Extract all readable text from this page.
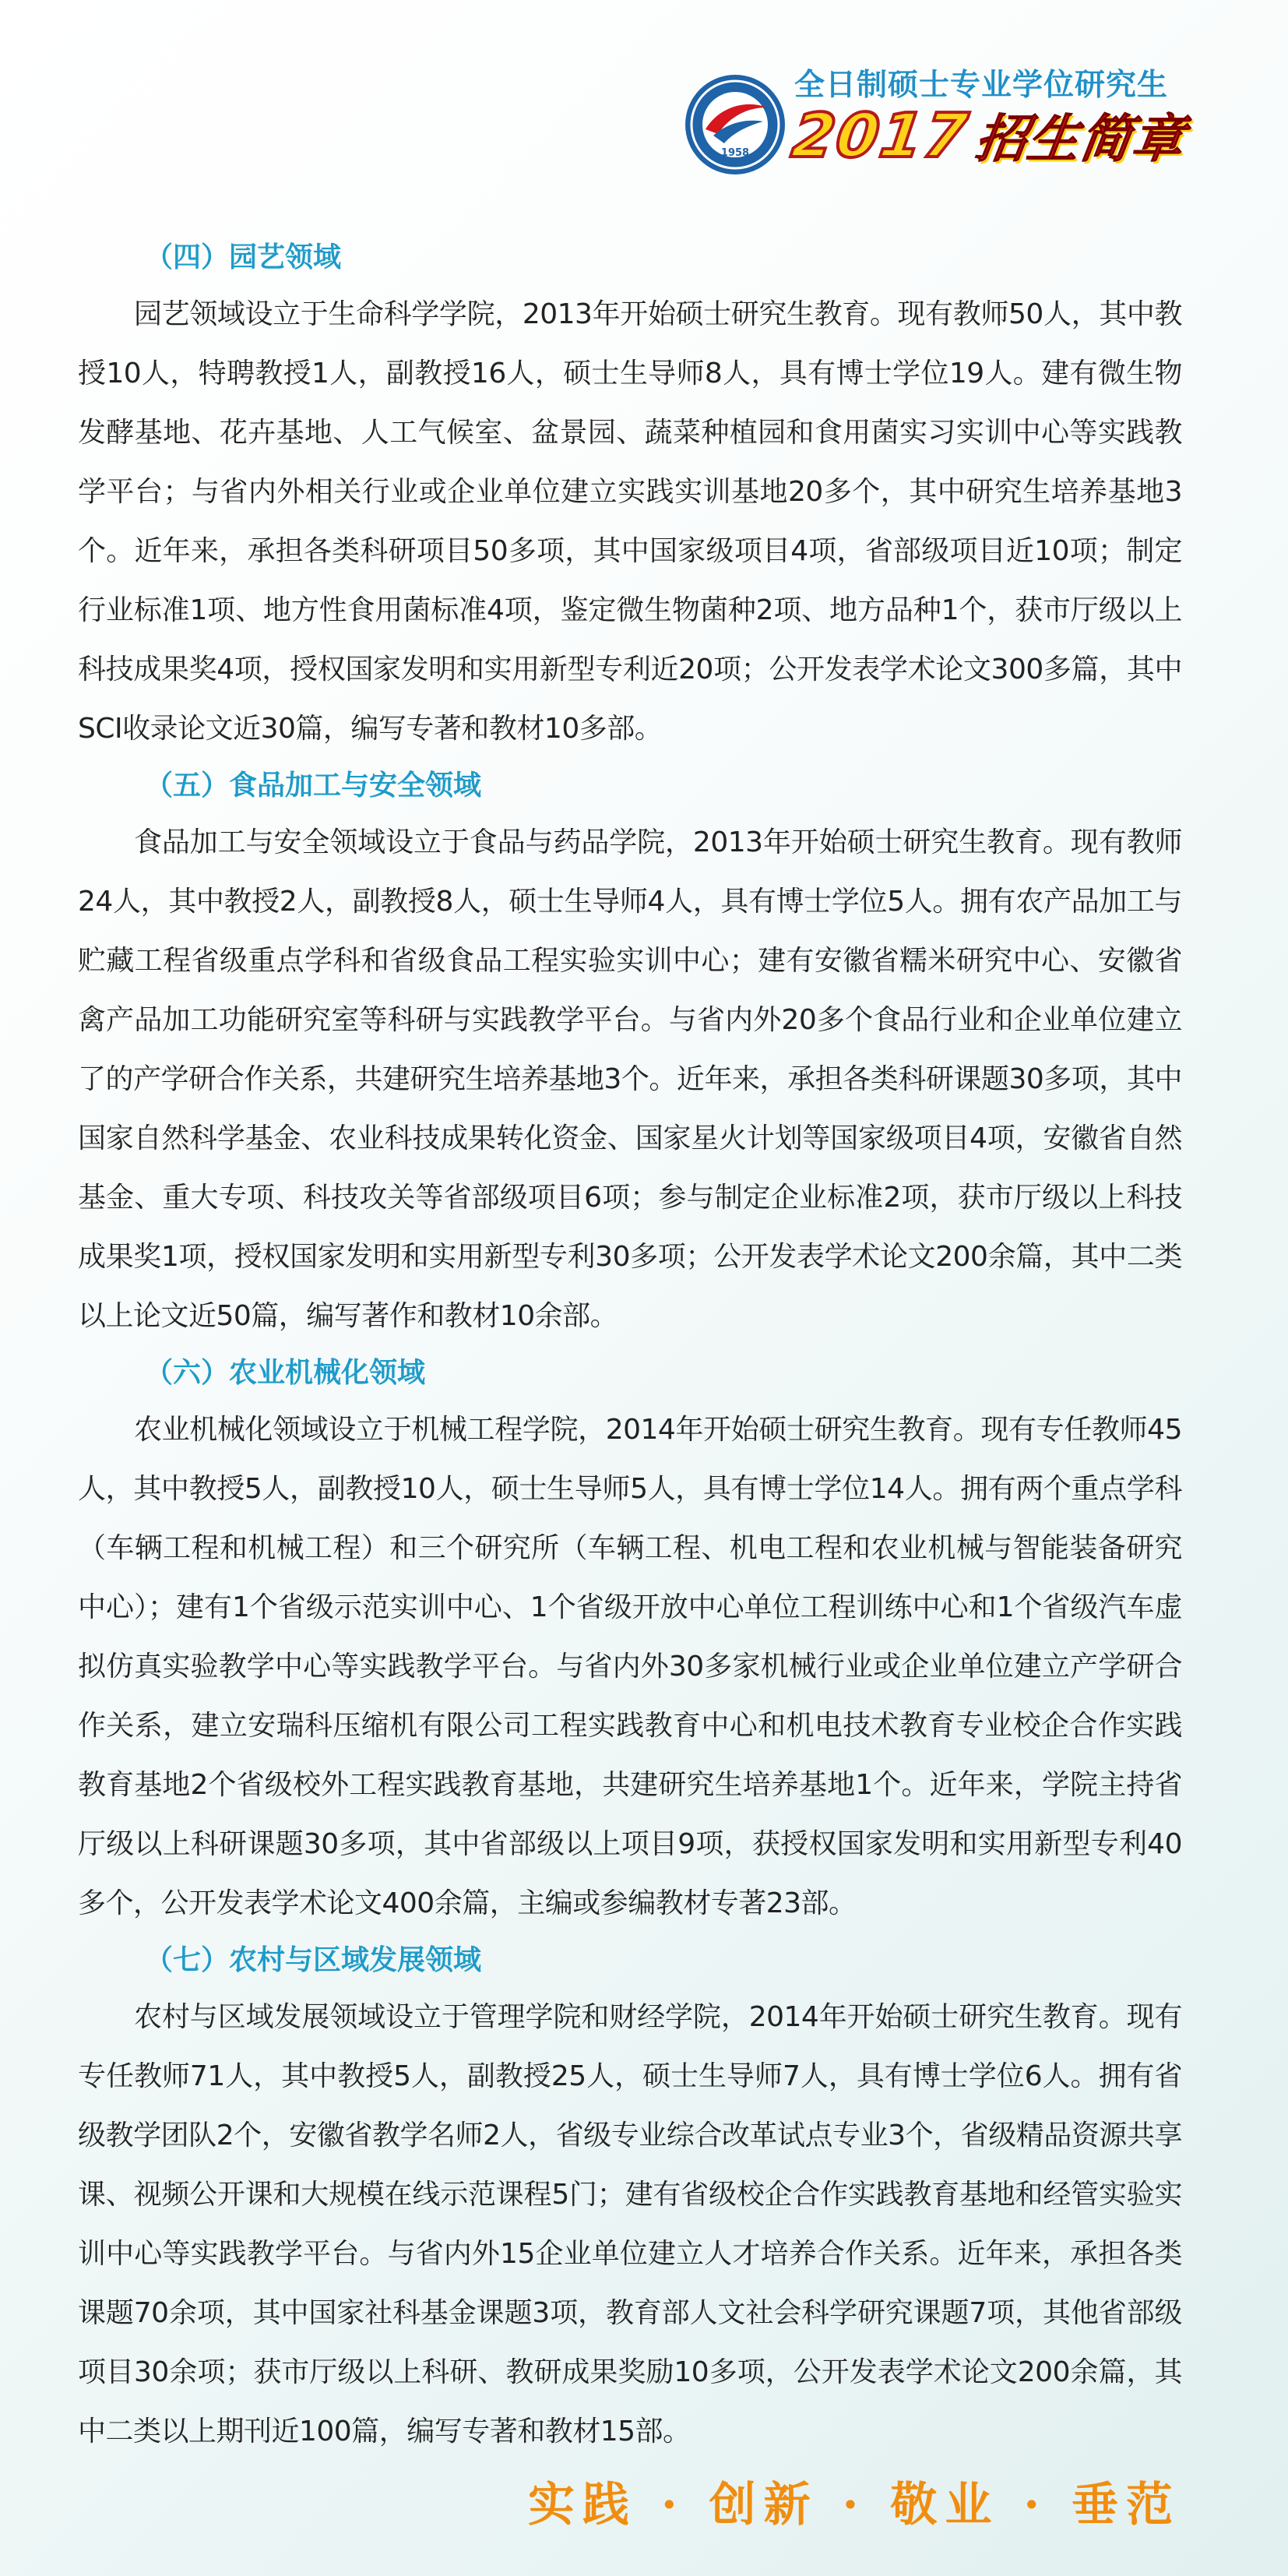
1958
全日制硕士专业学位研究生
2017招生简章
（四）园艺领域

园艺领域设立于生命科学学院，2013年开始硕士研究生教育。现有教师50人，其中教授10人，特聘教授1人，副教授16人，硕士生导师8人，具有博士学位19人。建有微生物发酵基地、花卉基地、人工气候室、盆景园、蔬菜种植园和食用菌实习实训中心等实践教学平台；与省内外相关行业或企业单位建立实践实训基地20多个，其中研究生培养基地3个。近年来，承担各类科研项目50多项，其中国家级项目4项，省部级项目近10项；制定行业标准1项、地方性食用菌标准4项，鉴定微生物菌种2项、地方品种1个，获市厅级以上科技成果奖4项，授权国家发明和实用新型专利近20项；公开发表学术论文300多篇，其中SCI收录论文近30篇，编写专著和教材10多部。

（五）食品加工与安全领域

食品加工与安全领域设立于食品与药品学院，2013年开始硕士研究生教育。现有教师24人，其中教授2人，副教授8人，硕士生导师4人，具有博士学位5人。拥有农产品加工与贮藏工程省级重点学科和省级食品工程实验实训中心；建有安徽省糯米研究中心、安徽省禽产品加工功能研究室等科研与实践教学平台。与省内外20多个食品行业和企业单位建立了的产学研合作关系，共建研究生培养基地3个。近年来，承担各类科研课题30多项，其中国家自然科学基金、农业科技成果转化资金、国家星火计划等国家级项目4项，安徽省自然基金、重大专项、科技攻关等省部级项目6项；参与制定企业标准2项，获市厅级以上科技成果奖1项，授权国家发明和实用新型专利30多项；公开发表学术论文200余篇，其中二类以上论文近50篇，编写著作和教材10余部。

（六）农业机械化领域

农业机械化领域设立于机械工程学院，2014年开始硕士研究生教育。现有专任教师45人，其中教授5人，副教授10人，硕士生导师5人，具有博士学位14人。拥有两个重点学科（车辆工程和机械工程）和三个研究所（车辆工程、机电工程和农业机械与智能装备研究中心）；建有1个省级示范实训中心、1个省级开放中心单位工程训练中心和1个省级汽车虚拟仿真实验教学中心等实践教学平台。与省内外30多家机械行业或企业单位建立产学研合作关系，建立安瑞科压缩机有限公司工程实践教育中心和机电技术教育专业校企合作实践教育基地2个省级校外工程实践教育基地，共建研究生培养基地1个。近年来，学院主持省厅级以上科研课题30多项，其中省部级以上项目9项，获授权国家发明和实用新型专利40多个，公开发表学术论文400余篇，主编或参编教材专著23部。

（七）农村与区域发展领域

农村与区域发展领域设立于管理学院和财经学院，2014年开始硕士研究生教育。现有专任教师71人，其中教授5人，副教授25人，硕士生导师7人，具有博士学位6人。拥有省级教学团队2个，安徽省教学名师2人，省级专业综合改革试点专业3个，省级精品资源共享课、视频公开课和大规模在线示范课程5门；建有省级校企合作实践教育基地和经管实验实训中心等实践教学平台。与省内外15企业单位建立人才培养合作关系。近年来，承担各类课题70余项，其中国家社科基金课题3项，教育部人文社会科学研究课题7项，其他省部级项目30余项；获市厅级以上科研、教研成果奖励10多项，公开发表学术论文200余篇，其中二类以上期刊近100篇，编写专著和教材15部。

实践 · 创新 · 敬业 · 垂范
